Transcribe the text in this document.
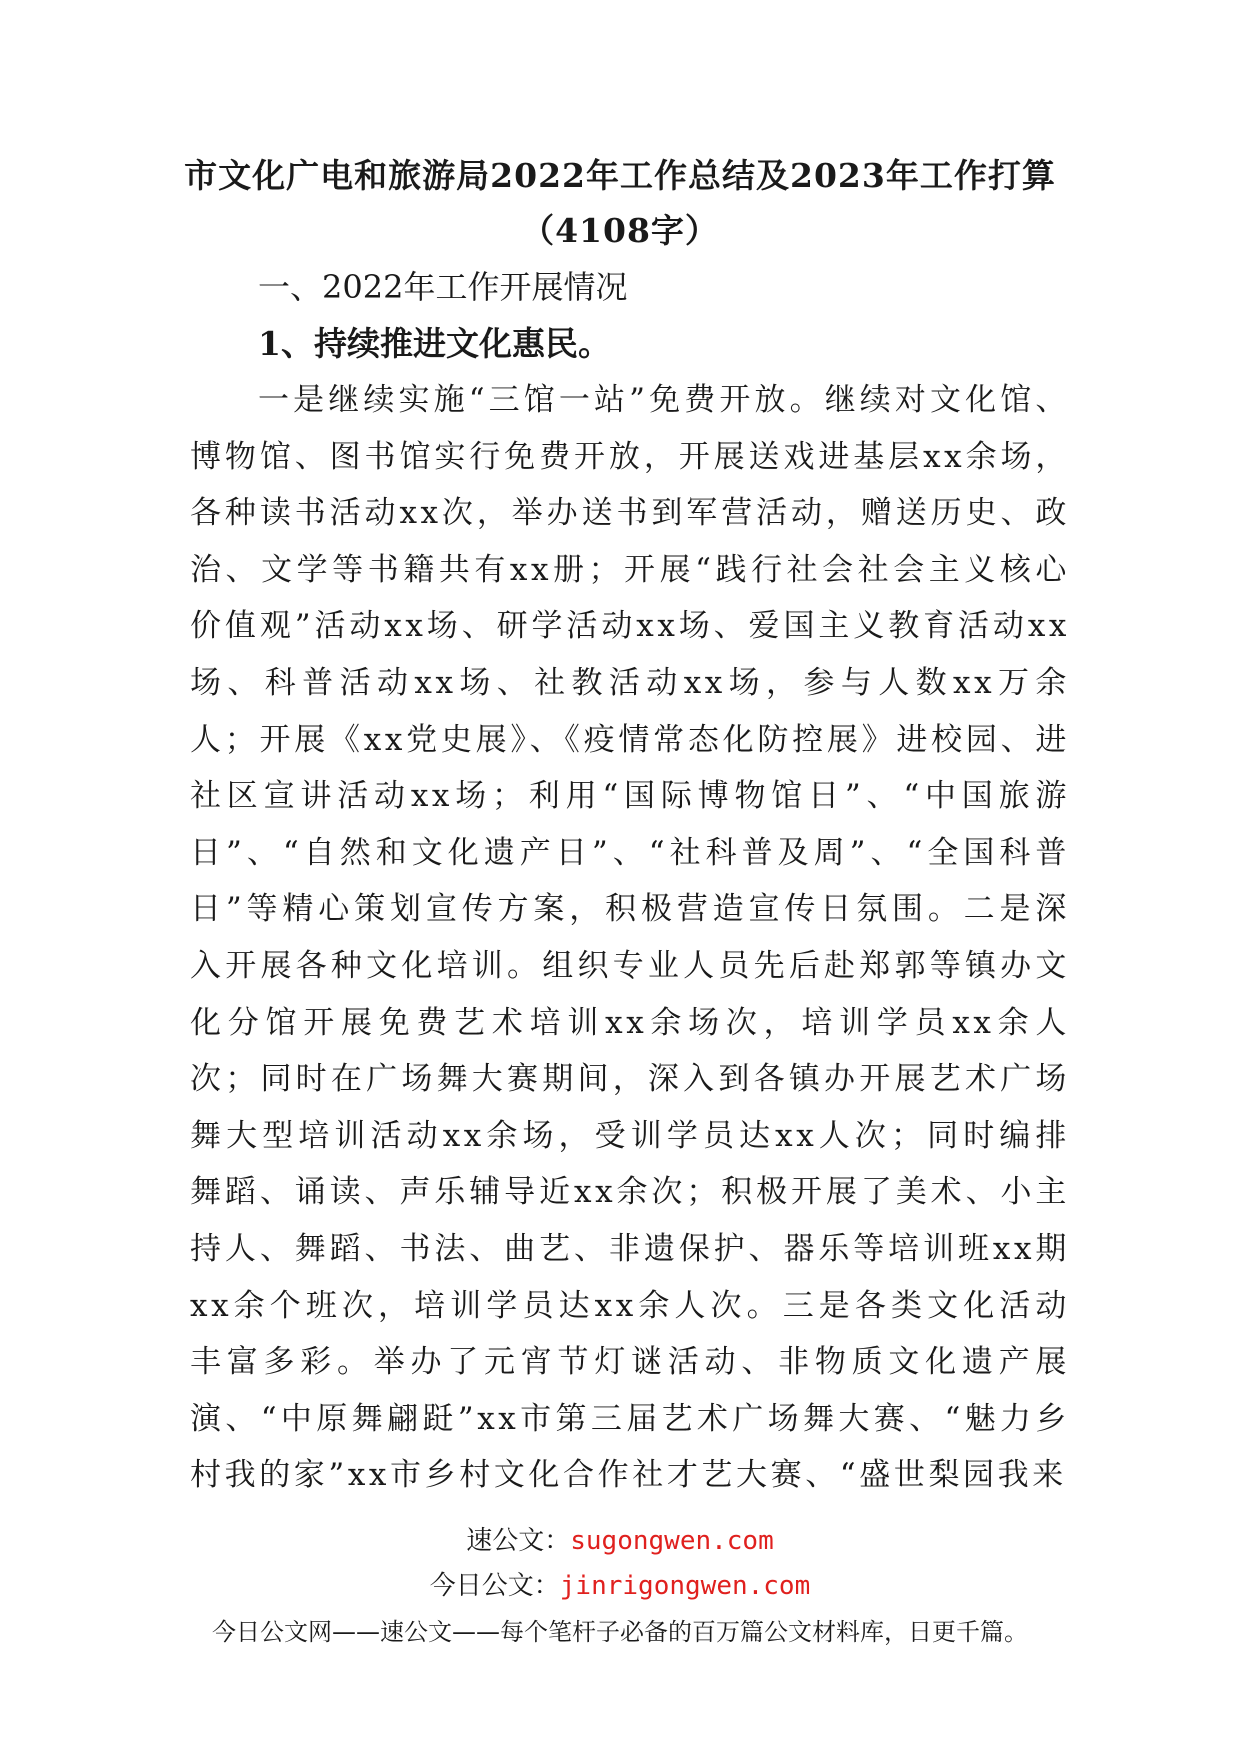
市文化广电和旅游局2022年工作总结及2023年工作打算
（4108字）

一、2022年工作开展情况

1、持续推进文化惠民。

一是继续实施“三馆一站”免费开放。继续对文化馆、博物馆、图书馆实行免费开放，开展送戏进基层xx余场，各种读书活动xx次，举办送书到军营活动，赠送历史、政治、文学等书籍共有xx册；开展“践行社会社会主义核心价值观”活动xx场、研学活动xx场、爱国主义教育活动xx场、科普活动xx场、社教活动xx场，参与人数xx万余人；开展《xx党史展》、《疫情常态化防控展》进校园、进社区宣讲活动xx场；利用“国际博物馆日”、“中国旅游日”、“自然和文化遗产日”、“社科普及周”、“全国科普日”等精心策划宣传方案，积极营造宣传日氛围。二是深入开展各种文化培训。组织专业人员先后赴郑郭等镇办文化分馆开展免费艺术培训xx余场次，培训学员xx余人次；同时在广场舞大赛期间，深入到各镇办开展艺术广场舞大型培训活动xx余场，受训学员达xx人次；同时编排舞蹈、诵读、声乐辅导近xx余次；积极开展了美术、小主持人、舞蹈、书法、曲艺、非遗保护、器乐等培训班xx期xx余个班次，培训学员达xx余人次。三是各类文化活动丰富多彩。举办了元宵节灯谜活动、非物质文化遗产展演、“中原舞翩跹”xx市第三届艺术广场舞大赛、“魅力乡村我的家”xx市乡村文化合作社才艺大赛、“盛世梨园我来

速公文：sugongwen.com

今日公文：jinrigongwen.com

今日公文网——速公文——每个笔杆子必备的百万篇公文材料库，日更千篇。
